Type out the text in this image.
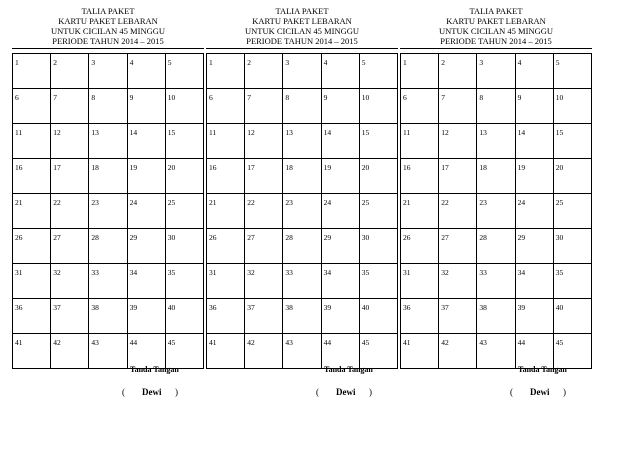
TALIA PAKET
KARTU PAKET LEBARAN
UNTUK CICILAN 45 MINGGU
PERIODE TAHUN 2014 – 2015
1	2	3	4	5

6	7	8	9	10

11	12	13	14	15

16	17	18	19	20

21	22	23	24	25

26	27	28	29	30

31	32	33	34	35

36	37	38	39	40

41	42	43	44	45
Tanda Tangan
( Dewi )
TALIA PAKET
KARTU PAKET LEBARAN
UNTUK CICILAN 45 MINGGU
PERIODE TAHUN 2014 – 2015
1	2	3	4	5

6	7	8	9	10

11	12	13	14	15

16	17	18	19	20

21	22	23	24	25

26	27	28	29	30

31	32	33	34	35

36	37	38	39	40

41	42	43	44	45
Tanda Tangan
( Dewi )
TALIA PAKET
KARTU PAKET LEBARAN
UNTUK CICILAN 45 MINGGU
PERIODE TAHUN 2014 – 2015
1	2	3	4	5

6	7	8	9	10

11	12	13	14	15

16	17	18	19	20

21	22	23	24	25

26	27	28	29	30

31	32	33	34	35

36	37	38	39	40

41	42	43	44	45
Tanda Tangan
( Dewi )
